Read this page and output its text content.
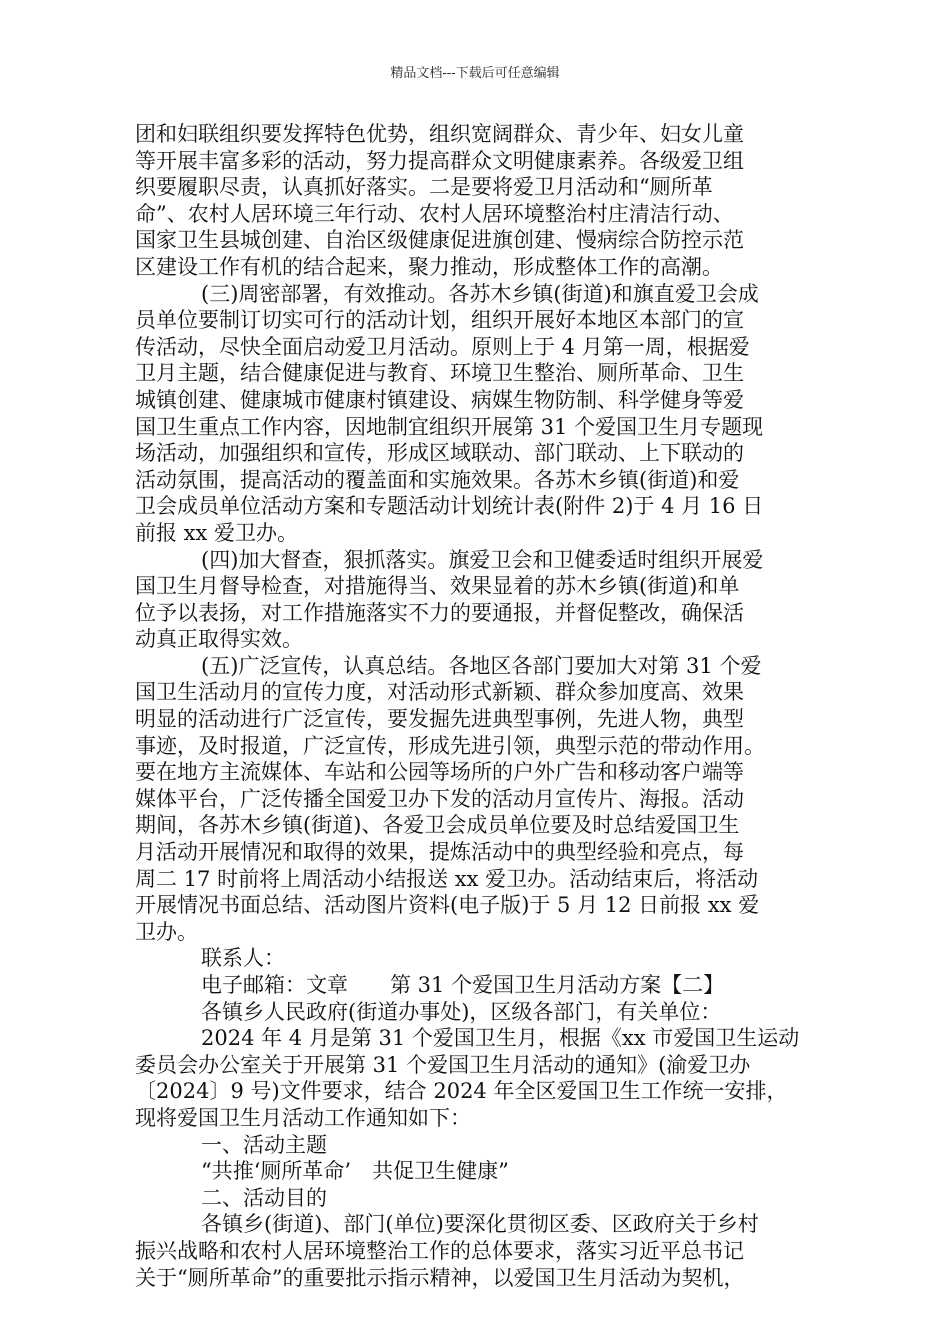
精品文档---下载后可任意编辑

团和妇联组织要发挥特色优势，组织宽阔群众、青少年、妇女儿童

等开展丰富多彩的活动，努力提高群众文明健康素养。各级爱卫组

织要履职尽责，认真抓好落实。二是要将爱卫月活动和“厕所革

命”、农村人居环境三年行动、农村人居环境整治村庄清洁行动、

国家卫生县城创建、自治区级健康促进旗创建、慢病综合防控示范

区建设工作有机的结合起来，聚力推动，形成整体工作的高潮。

(三)周密部署，有效推动。各苏木乡镇(街道)和旗直爱卫会成

员单位要制订切实可行的活动计划，组织开展好本地区本部门的宣

传活动，尽快全面启动爱卫月活动。原则上于 4 月第一周，根据爱

卫月主题，结合健康促进与教育、环境卫生整治、厕所革命、卫生

城镇创建、健康城市健康村镇建设、病媒生物防制、科学健身等爱

国卫生重点工作内容，因地制宜组织开展第 31 个爱国卫生月专题现

场活动，加强组织和宣传，形成区域联动、部门联动、上下联动的

活动氛围，提高活动的覆盖面和实施效果。各苏木乡镇(街道)和爱

卫会成员单位活动方案和专题活动计划统计表(附件 2)于 4 月 16 日

前报 xx 爱卫办。

(四)加大督查，狠抓落实。旗爱卫会和卫健委适时组织开展爱

国卫生月督导检查，对措施得当、效果显着的苏木乡镇(街道)和单

位予以表扬，对工作措施落实不力的要通报，并督促整改，确保活

动真正取得实效。

(五)广泛宣传，认真总结。各地区各部门要加大对第 31 个爱

国卫生活动月的宣传力度，对活动形式新颖、群众参加度高、效果

明显的活动进行广泛宣传，要发掘先进典型事例，先进人物，典型

事迹，及时报道，广泛宣传，形成先进引领，典型示范的带动作用。

要在地方主流媒体、车站和公园等场所的户外广告和移动客户端等

媒体平台，广泛传播全国爱卫办下发的活动月宣传片、海报。活动

期间，各苏木乡镇(街道)、各爱卫会成员单位要及时总结爱国卫生

月活动开展情况和取得的效果，提炼活动中的典型经验和亮点，每

周二 17 时前将上周活动小结报送 xx 爱卫办。活动结束后，将活动

开展情况书面总结、活动图片资料(电子版)于 5 月 12 日前报 xx 爱

卫办。

联系人：

电子邮箱：文章　　第 31 个爱国卫生月活动方案【二】

各镇乡人民政府(街道办事处)，区级各部门，有关单位：

2024 年 4 月是第 31 个爱国卫生月，根据《xx 市爱国卫生运动

委员会办公室关于开展第 31 个爱国卫生月活动的通知》(渝爱卫办

〔2024〕9 号)文件要求，结合 2024 年全区爱国卫生工作统一安排，

现将爱国卫生月活动工作通知如下：

一、活动主题

“共推‘厕所革命’　共促卫生健康”

二、活动目的

各镇乡(街道)、部门(单位)要深化贯彻区委、区政府关于乡村

振兴战略和农村人居环境整治工作的总体要求，落实习近平总书记

关于“厕所革命”的重要批示指示精神，以爱国卫生月活动为契机，
